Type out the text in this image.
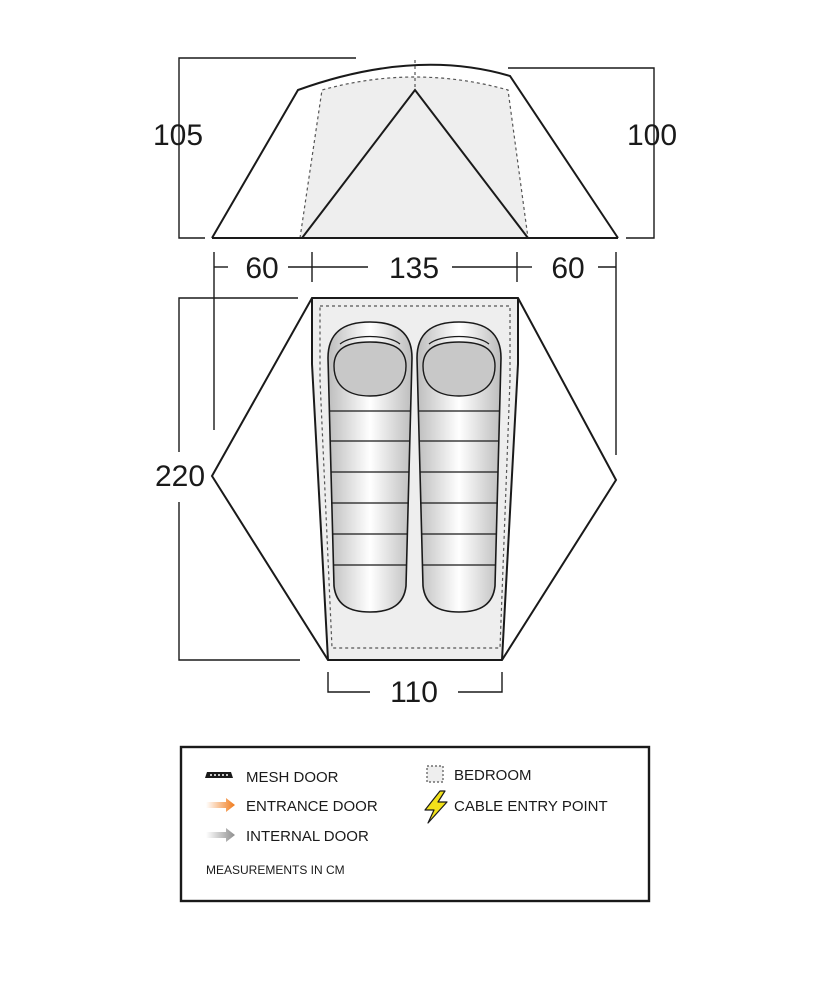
105	100
60	135	60
220
110
MESH DOOR
ENTRANCE DOOR
INTERNAL DOOR
BEDROOM
CABLE ENTRY POINT
MEASUREMENTS IN CM
